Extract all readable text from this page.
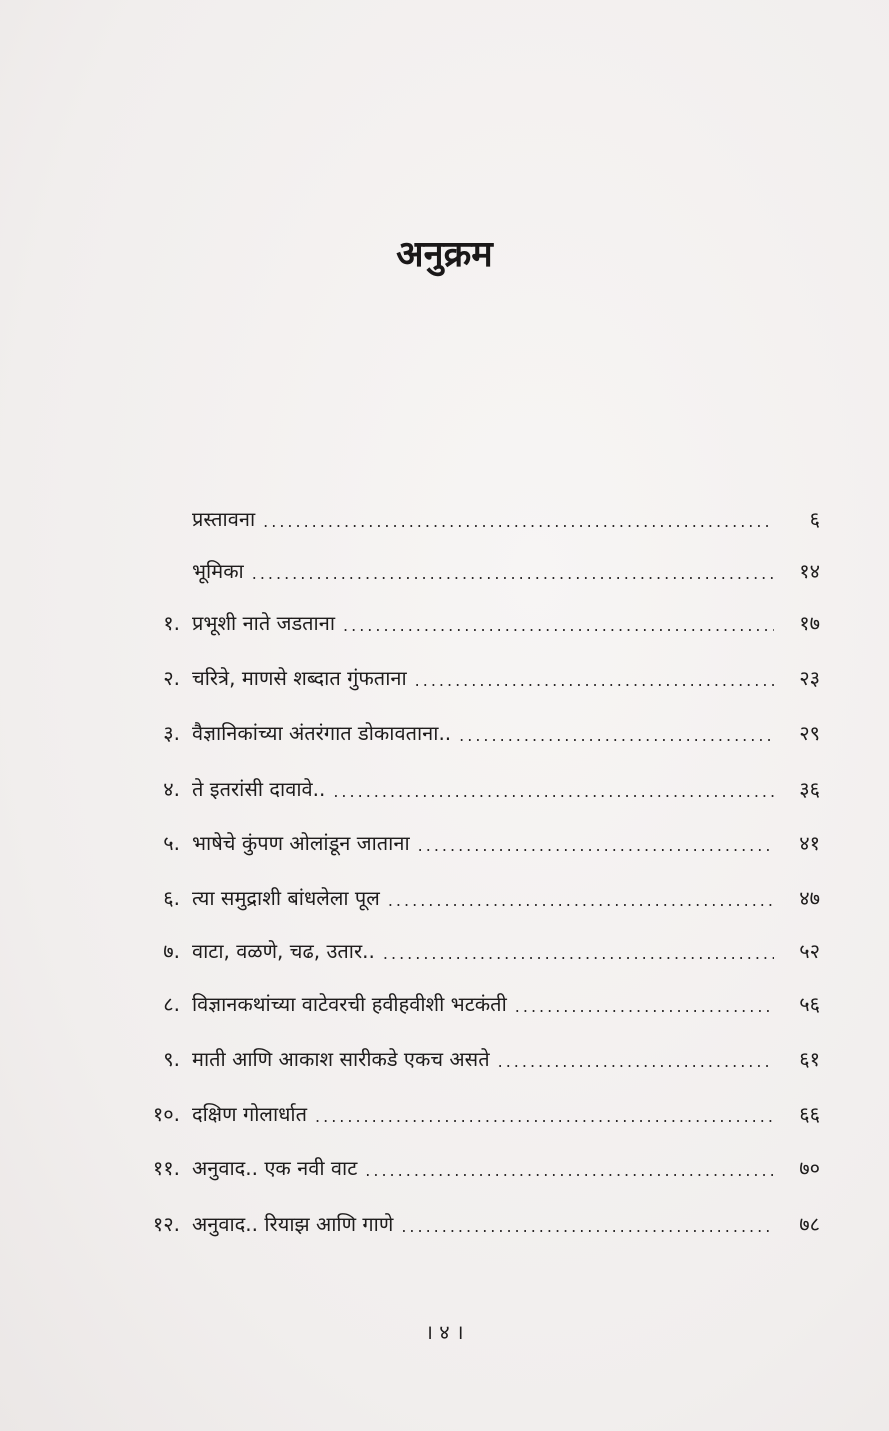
अनुक्रम
प्रस्तावना .....	६
भूमिका .....	१४
१. प्रभूशी नाते जडताना .....	१७
२. चरित्रे, माणसे शब्दात गुंफताना .....	२३
३. वैज्ञानिकांच्या अंतरंगात डोकावताना.. .....	२९
४. ते इतरांसी दावावे.. .....	३६
५. भाषेचे कुंपण ओलांडून जाताना .....	४१
६. त्या समुद्राशी बांधलेला पूल .....	४७
७. वाटा, वळणे, चढ, उतार.. .....	५२
८. विज्ञानकथांच्या वाटेवरची हवीहवीशी भटकंती .....	५६
९. माती आणि आकाश सारीकडे एकच असते .....	६१
१०. दक्षिण गोलार्धात .....	६६
११. अनुवाद.. एक नवी वाट .....	७०
१२. अनुवाद.. रियाझ आणि गाणे .....	७८
। ४ ।
